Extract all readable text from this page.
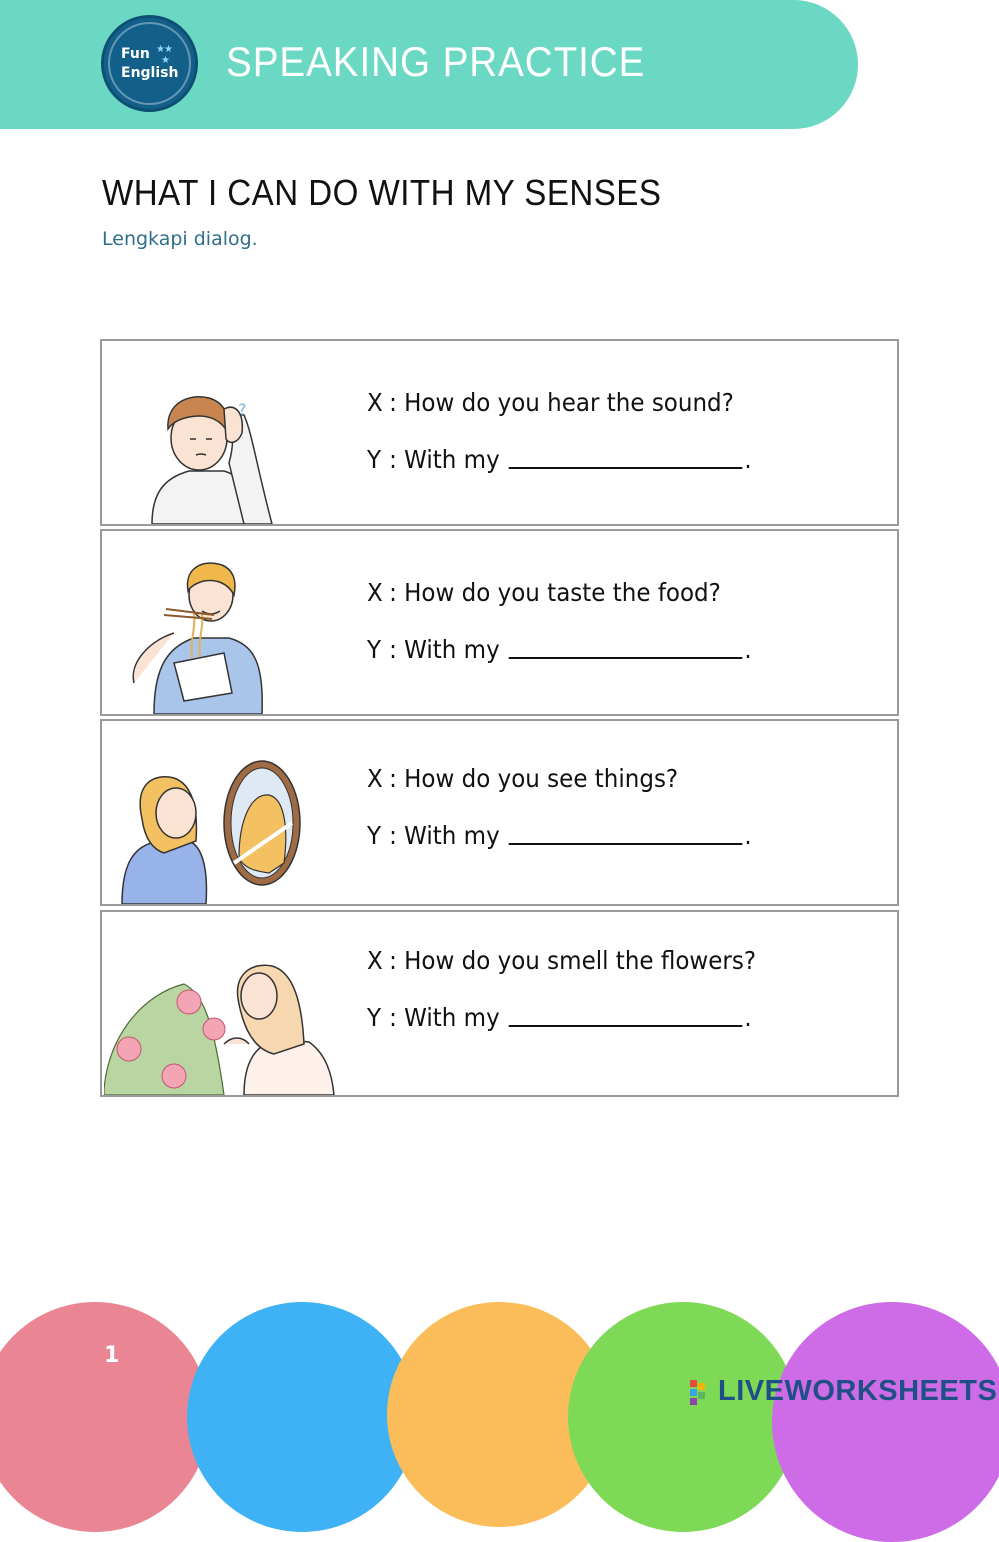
Fun ★★
★
English SPEAKING PRACTICE
WHAT I CAN DO WITH MY SENSES
Lengkapi dialog.
?	X : How do you hear the sound?
Y : With my	.
X : How do you taste the food?
Y : With my	.
X : How do you see things?
Y : With my	.
X : How do you smell the flowers?
Y : With my	.
1
LIVEWORKSHEETS
